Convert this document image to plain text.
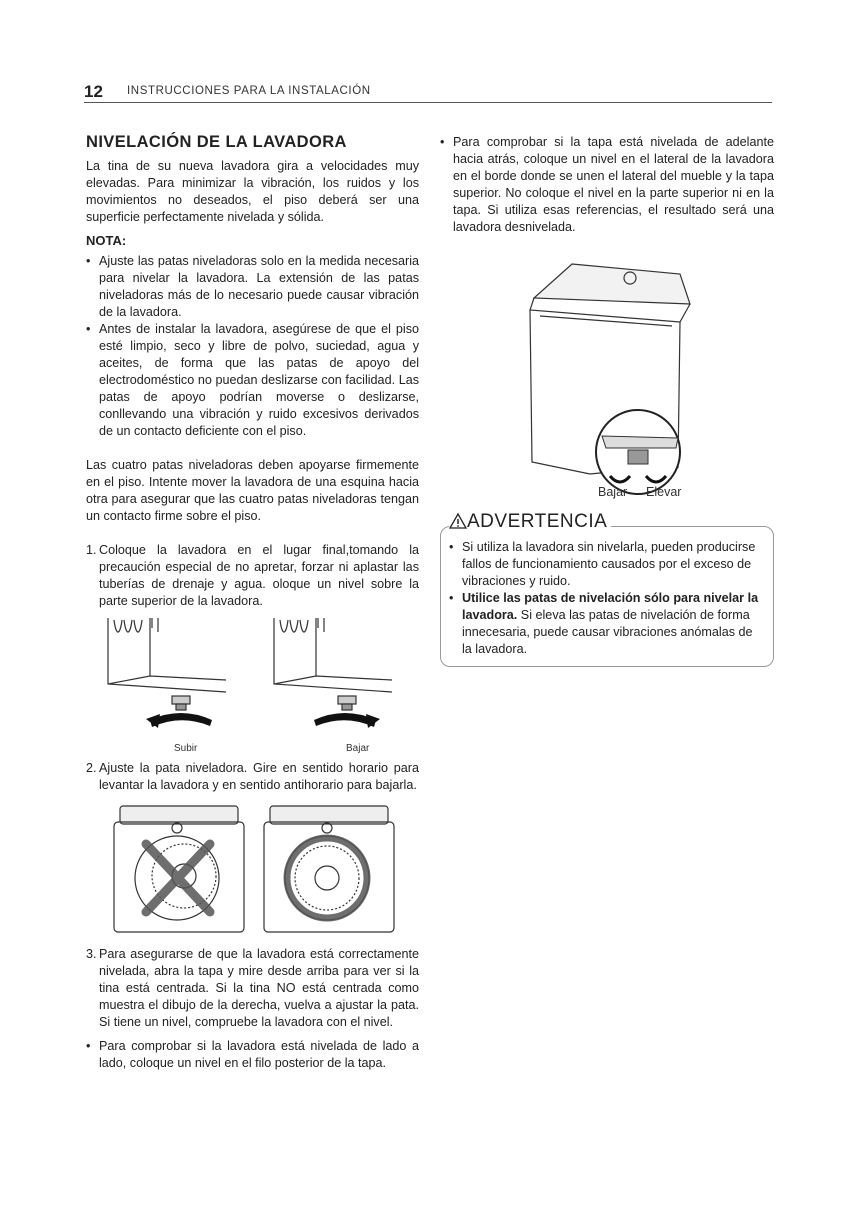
12 INSTRUCCIONES PARA LA INSTALACIÓN
NIVELACIÓN DE LA LAVADORA

La tina de su nueva lavadora gira a velocidades muy elevadas. Para minimizar la vibración, los ruidos y los movimientos no deseados, el piso deberá ser una superficie perfectamente nivelada y sólida.

NOTA:
• Ajuste las patas niveladoras solo en la medida necesaria para nivelar la lavadora. La extensión de las patas niveladoras más de lo necesario puede causar vibración de la lavadora.
• Antes de instalar la lavadora, asegúrese de que el piso esté limpio, seco y libre de polvo, suciedad, agua y aceites, de forma que las patas de apoyo del electrodoméstico no puedan deslizarse con facilidad. Las patas de apoyo podrían moverse o deslizarse, conllevando una vibración y ruido excesivos derivados de un contacto deficiente con el piso.

Las cuatro patas niveladoras deben apoyarse firmemente en el piso. Intente mover la lavadora de una esquina hacia otra para asegurar que las cuatro patas niveladoras tengan un contacto firme sobre el piso.

1. Coloque la lavadora en el lugar final,tomando la precaución especial de no apretar, forzar ni aplastar las tuberías de drenaje y agua. oloque un nivel sobre la parte superior de la lavadora.
Subir	Bajar
2. Ajuste la pata niveladora. Gire en sentido horario para levantar la lavadora y en sentido antihorario para bajarla.
3. Para asegurarse de que la lavadora está correctamente nivelada, abra la tapa y mire desde arriba para ver si la tina está centrada. Si la tina NO está centrada como muestra el dibujo de la derecha, vuelva a ajustar la pata. Si tiene un nivel, compruebe la lavadora con el nivel.
• Para comprobar si la lavadora está nivelada de lado a lado, coloque un nivel en el filo posterior de la tapa.
• Para comprobar si la tapa está nivelada de adelante hacia atrás, coloque un nivel en el lateral de la lavadora en el borde donde se unen el lateral del mueble y la tapa superior. No coloque el nivel en la parte superior ni en la tapa. Si utiliza esas referencias, el resultado será una lavadora desnivelada.
Bajar Elevar
ADVERTENCIA
• Si utiliza la lavadora sin nivelarla, pueden producirse fallos de funcionamiento causados por el exceso de vibraciones y ruido.
• Utilice las patas de nivelación sólo para nivelar la lavadora. Si eleva las patas de nivelación de forma innecesaria, puede causar vibraciones anómalas de la lavadora.
